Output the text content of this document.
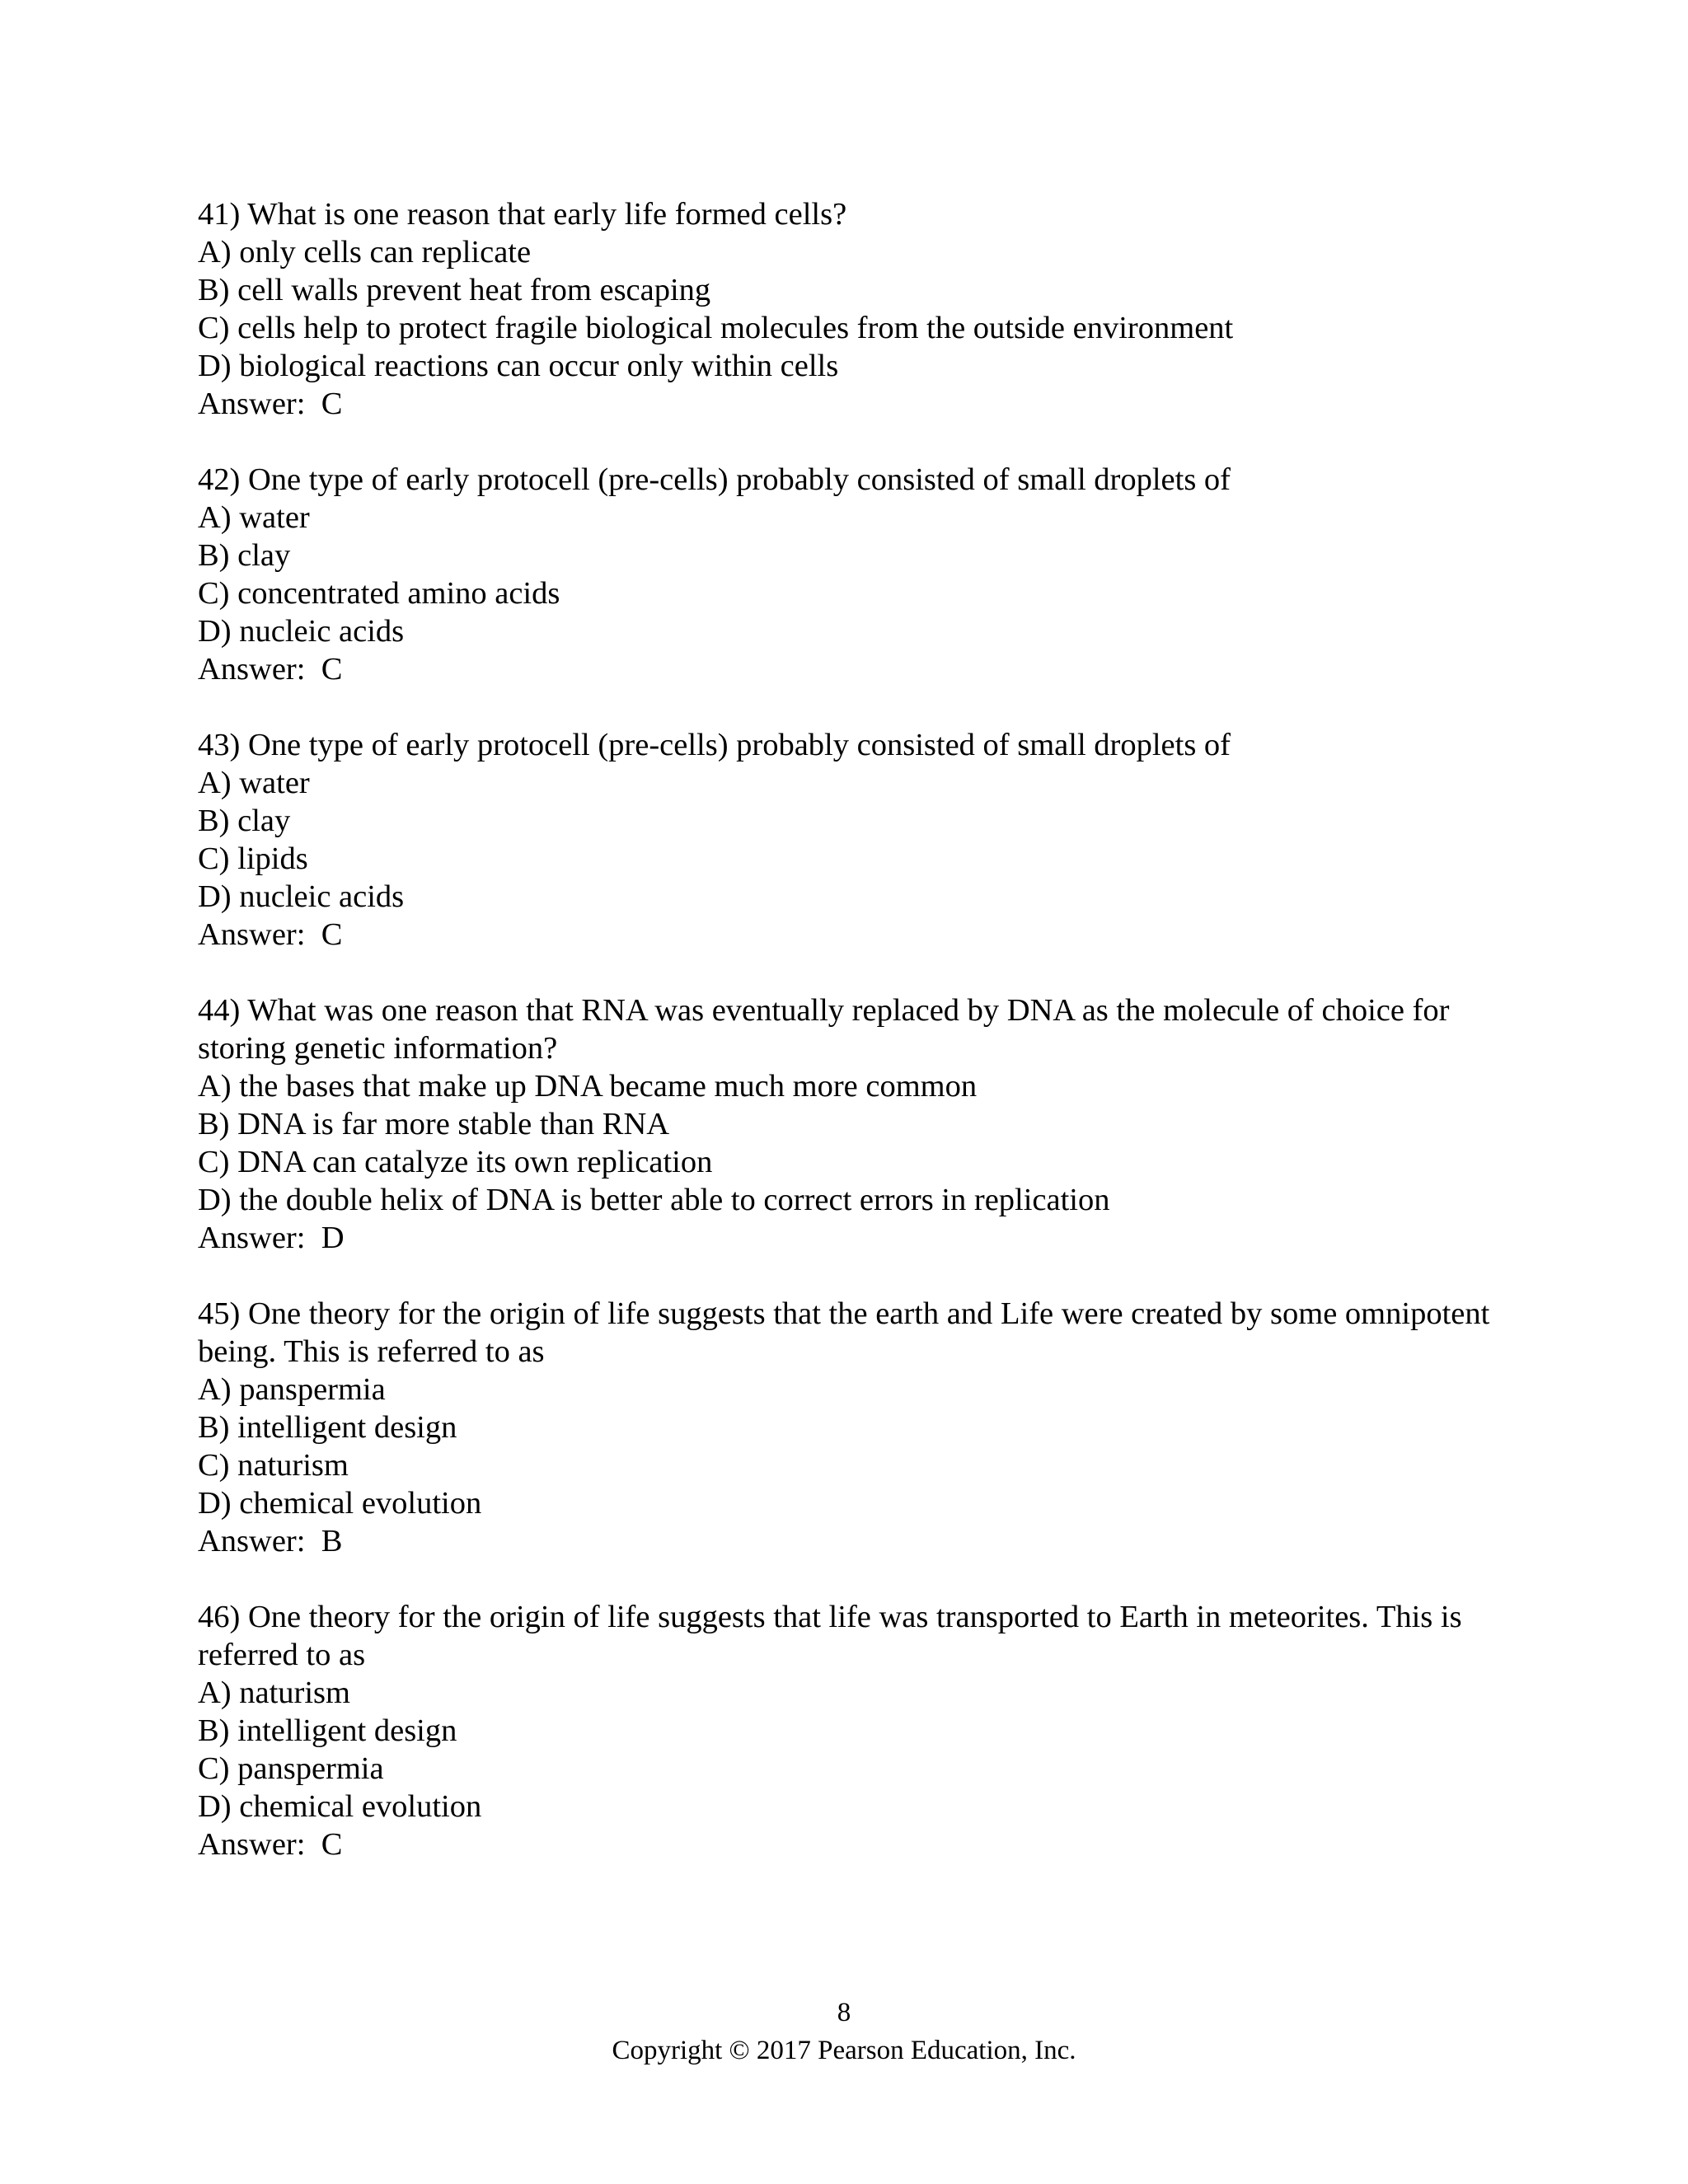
41) What is one reason that early life formed cells?
A) only cells can replicate
B) cell walls prevent heat from escaping
C) cells help to protect fragile biological molecules from the outside environment
D) biological reactions can occur only within cells
Answer:  C
42) One type of early protocell (pre-cells) probably consisted of small droplets of
A) water
B) clay
C) concentrated amino acids
D) nucleic acids
Answer:  C
43) One type of early protocell (pre-cells) probably consisted of small droplets of
A) water
B) clay
C) lipids
D) nucleic acids
Answer:  C
44) What was one reason that RNA was eventually replaced by DNA as the molecule of choice for storing genetic information?
A) the bases that make up DNA became much more common
B) DNA is far more stable than RNA
C) DNA can catalyze its own replication
D) the double helix of DNA is better able to correct errors in replication
Answer:  D
45) One theory for the origin of life suggests that the earth and Life were created by some omnipotent being. This is referred to as
A) panspermia
B) intelligent design
C) naturism
D) chemical evolution
Answer:  B
46) One theory for the origin of life suggests that life was transported to Earth in meteorites. This is referred to as
A) naturism
B) intelligent design
C) panspermia
D) chemical evolution
Answer:  C
8
Copyright © 2017 Pearson Education, Inc.
